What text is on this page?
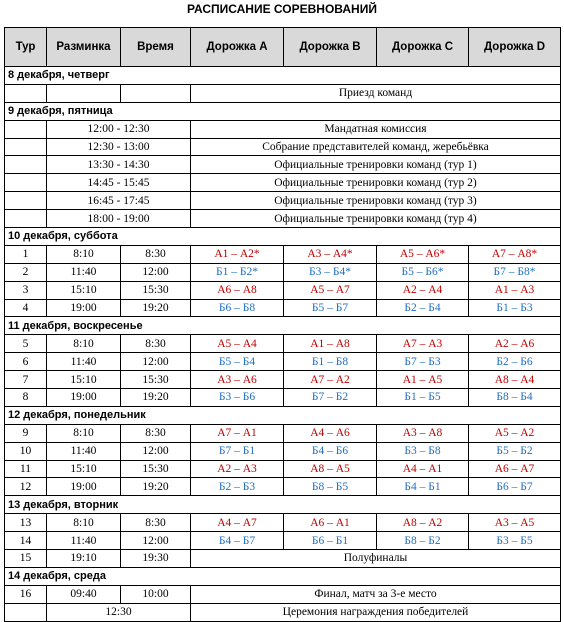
РАСПИСАНИЕ СОРЕВНОВАНИЙ
Тур	Разминка	Время	Дорожка A	Дорожка B	Дорожка C	Дорожка D
8 декабря, четверг						
			Приезд команд			
9 декабря, пятница						
	12:00 - 12:30		Мандатная комиссия			
	12:30 - 13:00		Собрание представителей команд, жеребьёвка			
	13:30 - 14:30		Официальные тренировки команд (тур 1)			
	14:45 - 15:45		Официальные тренировки команд (тур 2)			
	16:45 - 17:45		Официальные тренировки команд (тур 3)			
	18:00 - 19:00		Официальные тренировки команд (тур 4)			
10 декабря, суббота						
1	8:10	8:30	А1 – А2*	А3 – А4*	А5 – А6*	А7 – А8*
2	11:40	12:00	Б1 – Б2*	Б3 – Б4*	Б5 – Б6*	Б7 – Б8*
3	15:10	15:30	А6 – А8	А5 – А7	А2 – А4	А1 – А3
4	19:00	19:20	Б6 – Б8	Б5 – Б7	Б2 – Б4	Б1 – Б3
11 декабря, воскресенье						
5	8:10	8:30	А5 – А4	А1 – А8	А7 – А3	А2 – А6
6	11:40	12:00	Б5 – Б4	Б1 – Б8	Б7 – Б3	Б2 – Б6
7	15:10	15:30	А3 – А6	А7 – А2	А1 – А5	А8 – А4
8	19:00	19:20	Б3 – Б6	Б7 – Б2	Б1 – Б5	Б8 – Б4
12 декабря, понедельник						
9	8:10	8:30	А7 – А1	А4 – А6	А3 – А8	А5 – А2
10	11:40	12:00	Б7 – Б1	Б4 – Б6	Б3 – Б8	Б5 – Б2
11	15:10	15:30	А2 – А3	А8 – А5	А4 – А1	А6 – А7
12	19:00	19:20	Б2 – Б3	Б8 – Б5	Б4 – Б1	Б6 – Б7
13 декабря, вторник						
13	8:10	8:30	А4 – А7	А6 – А1	А8 – А2	А3 – А5
14	11:40	12:00	Б4 – Б7	Б6 – Б1	Б8 – Б2	Б3 – Б5
15	19:10	19:30	Полуфиналы			
14 декабря, среда						
16	09:40	10:00	Финал, матч за 3-е место			
	12:30		Церемония награждения победителей			
